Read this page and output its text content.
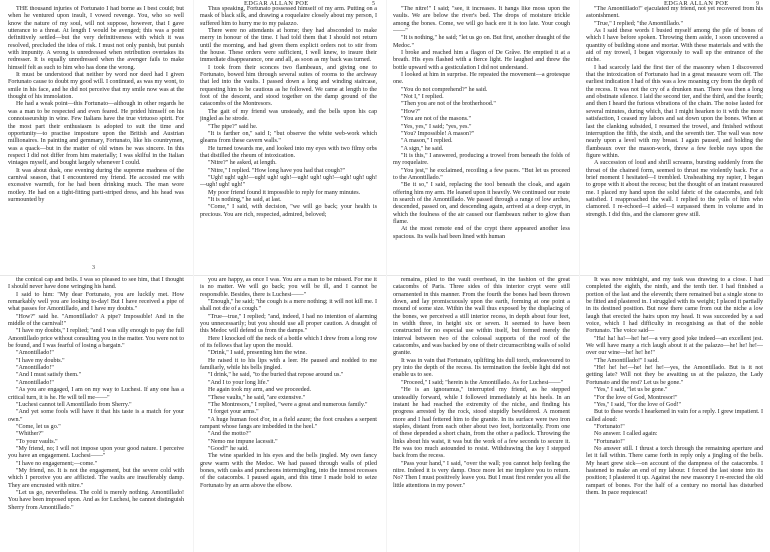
EDGAR ALLAN POE	5	EDGAR ALLAN POE	9
3

THE thousand injuries of Fortunato I had borne as I best could; but when he ventured upon insult, I vowed revenge. You, who so well know the nature of my soul, will not suppose, however, that I gave utterance to a threat. At length I would be avenged; this was a point definitively settled—but the very definitiveness with which it was resolved, precluded the idea of risk. I must not only punish, but punish with impunity. A wrong is unredressed when retribution overtakes its redresser. It is equally unredressed when the avenger fails to make himself felt as such to him who has done the wrong.

It must be understood that neither by word nor deed had I given Fortunato cause to doubt my good will. I continued, as was my wont, to smile in his face, and he did not perceive that my smile now was at the thought of his immolation.

He had a weak point—this Fortunato—although in other regards he was a man to be respected and even feared. He prided himself on his connoisseurship in wine. Few Italians have the true virtuoso spirit. For the most part their enthusiasm is adopted to suit the time and opportunity—to practise imposture upon the British and Austrian millionaires. In painting and gemmary, Fortunato, like his countrymen, was a quack—but in the matter of old wines he was sincere. In this respect I did not differ from him materially; I was skilful in the Italian vintages myself, and bought largely whenever I could.

It was about dusk, one evening during the supreme madness of the carnival season, that I encountered my friend. He accosted me with excessive warmth, for he had been drinking much. The man wore motley. He had on a tight-fitting parti-striped dress, and his head was surmounted by

Thus speaking, Fortunato possessed himself of my arm. Putting on a mask of black silk, and drawing a roquelaire closely about my person, I suffered him to hurry me to my palazzo.

There were no attendants at home; they had absconded to make merry in honour of the time. I had told them that I should not return until the morning, and had given them explicit orders not to stir from the house. These orders were sufficient, I well knew, to insure their immediate disappearance, one and all, as soon as my back was turned.

I took from their sconces two flambeaux, and giving one to Fortunato, bowed him through several suites of rooms to the archway that led into the vaults. I passed down a long and winding staircase, requesting him to be cautious as he followed. We came at length to the foot of the descent, and stood together on the damp ground of the catacombs of the Montresors.

The gait of my friend was unsteady, and the bells upon his cap jingled as he strode.

"The pipe?" said he.

"It is farther on," said I; "but observe the white web-work which gleams from these cavern walls."

He turned towards me, and looked into my eyes with two filmy orbs that distilled the rheum of intoxication.

"Nitre?" he asked, at length.

"Nitre," I replied. "How long have you had that cough?"

"Ugh! ugh! ugh!—ugh! ugh! ugh!—ugh! ugh! ugh!—ugh! ugh! ugh!—ugh! ugh! ugh!"

My poor friend found it impossible to reply for many minutes.

"It is nothing," he said, at last.

"Come," I said, with decision, "we will go back; your health is precious. You are rich, respected, admired, beloved;

"The nitre!" I said; "see, it increases. It hangs like moss upon the vaults. We are below the river's bed. The drops of moisture trickle among the bones. Come, we will go back ere it is too late. Your cough——"

"It is nothing," he said; "let us go on. But first, another draught of the Medoc."

I broke and reached him a flagon of De Grâve. He emptied it at a breath. His eyes flashed with a fierce light. He laughed and threw the bottle upward with a gesticulation I did not understand.

I looked at him in surprise. He repeated the movement—a grotesque one.

"You do not comprehend?" he said.

"Not I," I replied.

"Then you are not of the brotherhood."

"How?"

"You are not of the masons."

"Yes, yes," I said; "yes, yes."

"You? Impossible! A mason?"

"A mason," I replied.

"A sign," he said.

"It is this," I answered, producing a trowel from beneath the folds of my roquelaire.

"You jest," he exclaimed, recoiling a few paces. "But let us proceed to the Amontillado."

"Be it so," I said, replacing the tool beneath the cloak, and again offering him my arm. He leaned upon it heavily. We continued our route in search of the Amontillado. We passed through a range of low arches, descended, passed on, and descending again, arrived at a deep crypt, in which the foulness of the air caused our flambeaux rather to glow than flame.

At the most remote end of the crypt there appeared another less spacious. Its walls had been lined with human

"The Amontillado!" ejaculated my friend, not yet recovered from his astonishment.

"True," I replied; "the Amontillado."

As I said these words I busied myself among the pile of bones of which I have before spoken. Throwing them aside, I soon uncovered a quantity of building stone and mortar. With these materials and with the aid of my trowel, I began vigorously to wall up the entrance of the niche.

I had scarcely laid the first tier of the masonry when I discovered that the intoxication of Fortunato had in a great measure worn off. The earliest indication I had of this was a low moaning cry from the depth of the recess. It was not the cry of a drunken man. There was then a long and obstinate silence. I laid the second tier, and the third, and the fourth; and then I heard the furious vibrations of the chain. The noise lasted for several minutes, during which, that I might hearken to it with the more satisfaction, I ceased my labors and sat down upon the bones. When at last the clanking subsided, I resumed the trowel, and finished without interruption the fifth, the sixth, and the seventh tier. The wall was now nearly upon a level with my breast. I again paused, and holding the flambeaux over the mason-work, threw a few feeble rays upon the figure within.

A succession of loud and shrill screams, bursting suddenly from the throat of the chained form, seemed to thrust me violently back. For a brief moment I hesitated—I trembled. Unsheathing my rapier, I began to grope with it about the recess; but the thought of an instant reassured me. I placed my hand upon the solid fabric of the catacombs, and felt satisfied. I reapproached the wall. I replied to the yells of him who clamored. I re-echoed—I aided—I surpassed them in volume and in strength. I did this, and the clamorer grew still.

the conical cap and bells. I was so pleased to see him, that I thought I should never have done wringing his hand.

I said to him: "My dear Fortunato, you are luckily met. How remarkably well you are looking to-day! But I have received a pipe of what passes for Amontillado, and I have my doubts."

"How?" said he. "Amontillado? A pipe? Impossible! And in the middle of the carnival!"

"I have my doubts," I replied; "and I was silly enough to pay the full Amontillado price without consulting you in the matter. You were not to be found, and I was fearful of losing a bargain."

"Amontillado!"

"I have my doubts."

"Amontillado!"

"And I must satisfy them."

"Amontillado!"

"As you are engaged, I am on my way to Luchesi. If any one has a critical turn, it is he. He will tell me——"

"Luchesi cannot tell Amontillado from Sherry."

"And yet some fools will have it that his taste is a match for your own."

"Come, let us go."

"Whither?"

"To your vaults."

"My friend, no; I will not impose upon your good nature. I perceive you have an engagement. Luchesi——"

"I have no engagement;—come."

"My friend, no. It is not the engagement, but the severe cold with which I perceive you are afflicted. The vaults are insufferably damp. They are encrusted with nitre."

"Let us go, nevertheless. The cold is merely nothing. Amontillado! You have been imposed upon. And as for Luchesi, he cannot distinguish Sherry from Amontillado."

you are happy, as once I was. You are a man to be missed. For me it is no matter. We will go back; you will be ill, and I cannot be responsible. Besides, there is Luchesi——"

"Enough," he said; "the cough is a mere nothing; it will not kill me. I shall not die of a cough."

"True—true," I replied; "and, indeed, I had no intention of alarming you unnecessarily; but you should use all proper caution. A draught of this Medoc will defend us from the damps."

Here I knocked off the neck of a bottle which I drew from a long row of its fellows that lay upon the mould.

"Drink," I said, presenting him the wine.

He raised it to his lips with a leer. He paused and nodded to me familiarly, while his bells jingled.

"I drink," he said, "to the buried that repose around us."

"And I to your long life."

He again took my arm, and we proceeded.

"These vaults," he said, "are extensive."

"The Montresors," I replied, "were a great and numerous family."

"I forget your arms."

"A huge human foot d'or, in a field azure; the foot crushes a serpent rampant whose fangs are imbedded in the heel."

"And the motto?"

"Nemo me impune lacessit."

"Good!" he said.

The wine sparkled in his eyes and the bells jingled. My own fancy grew warm with the Medoc. We had passed through walls of piled bones, with casks and puncheons intermingling, into the inmost recesses of the catacombs. I paused again, and this time I made bold to seize Fortunato by an arm above the elbow.

remains, piled to the vault overhead, in the fashion of the great catacombs of Paris. Three sides of this interior crypt were still ornamented in this manner. From the fourth the bones had been thrown down, and lay promiscuously upon the earth, forming at one point a mound of some size. Within the wall thus exposed by the displacing of the bones, we perceived a still interior recess, in depth about four feet, in width three, in height six or seven. It seemed to have been constructed for no especial use within itself, but formed merely the interval between two of the colossal supports of the roof of the catacombs, and was backed by one of their circumscribing walls of solid granite.

It was in vain that Fortunato, uplifting his dull torch, endeavoured to pry into the depth of the recess. Its termination the feeble light did not enable us to see.

"Proceed," I said; "herein is the Amontillado. As for Luchesi——"

"He is an ignoramus," interrupted my friend, as he stepped unsteadily forward, while I followed immediately at his heels. In an instant he had reached the extremity of the niche, and finding his progress arrested by the rock, stood stupidly bewildered. A moment more and I had fettered him to the granite. In its surface were two iron staples, distant from each other about two feet, horizontally. From one of these depended a short chain, from the other a padlock. Throwing the links about his waist, it was but the work of a few seconds to secure it. He was too much astounded to resist. Withdrawing the key I stepped back from the recess.

"Pass your hand," I said, "over the wall; you cannot help feeling the nitre. Indeed it is very damp. Once more let me implore you to return. No? Then I must positively leave you. But I must first render you all the little attentions in my power."

It was now midnight, and my task was drawing to a close. I had completed the eighth, the ninth, and the tenth tier. I had finished a portion of the last and the eleventh; there remained but a single stone to be fitted and plastered in. I struggled with its weight; I placed it partially in its destined position. But now there came from out the niche a low laugh that erected the hairs upon my head. It was succeeded by a sad voice, which I had difficulty in recognising as that of the noble Fortunato. The voice said—

"Ha! ha! ha!—he! he!—a very good joke indeed—an excellent jest. We will have many a rich laugh about it at the palazzo—he! he! he!—over our wine—he! he! he!"

"The Amontillado!" I said.

"He! he! he!—he! he! he!—yes, the Amontillado. But is it not getting late? Will not they be awaiting us at the palazzo, the Lady Fortunato and the rest? Let us be gone."

"Yes," I said, "let us be gone."

"For the love of God, Montresor!"

"Yes," I said, "for the love of God!"

But to these words I hearkened in vain for a reply. I grew impatient. I called aloud:

"Fortunato!"

No answer. I called again:

"Fortunato!"

No answer still. I thrust a torch through the remaining aperture and let it fall within. There came forth in reply only a jingling of the bells. My heart grew sick—on account of the dampness of the catacombs. I hastened to make an end of my labour. I forced the last stone into its position; I plastered it up. Against the new masonry I re-erected the old rampart of bones. For the half of a century no mortal has disturbed them. In pace requiescat!
